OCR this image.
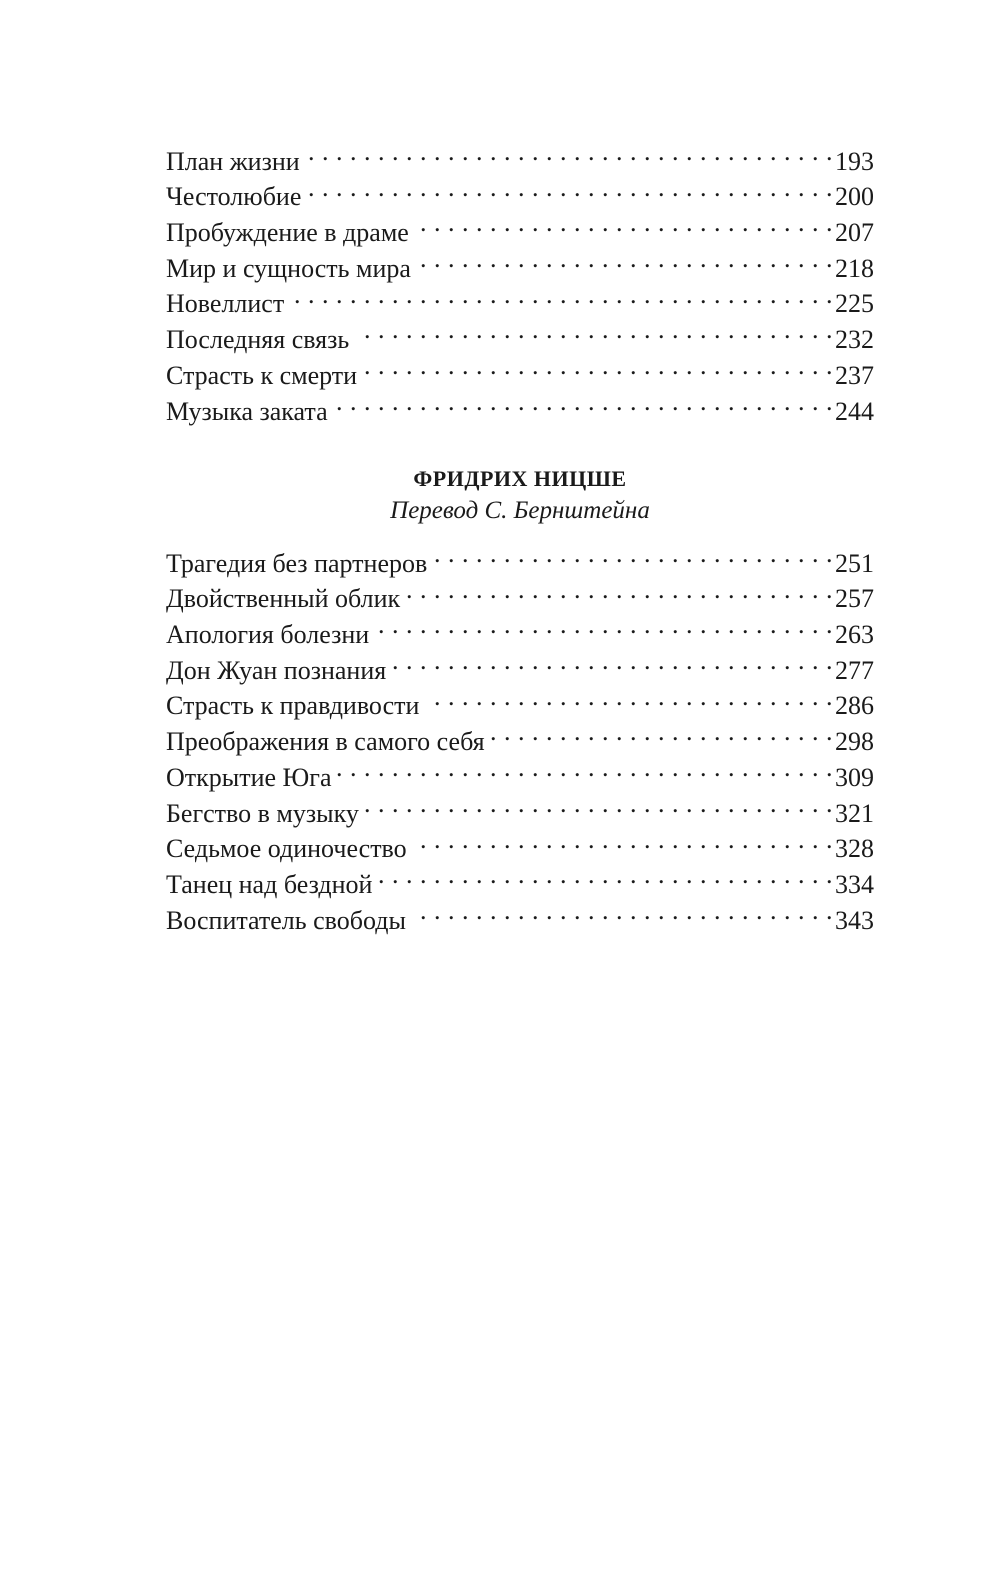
План жизни . . .	193
Честолюбие . . .	200
Пробуждение в драме . . .	207
Мир и сущность мира . . .	218
Новеллист . . .	225
Последняя связь . . .	232
Страсть к смерти . . .	237
Музыка заката . . .	244
ФРИДРИХ НИЦШЕ
Перевод С. Бернштейна
Трагедия без партнеров . . .	251
Двойственный облик . . .	257
Апология болезни . . .	263
Дон Жуан познания . . .	277
Страсть к правдивости . . .	286
Преображения в самого себя . . .	298
Открытие Юга . . .	309
Бегство в музыку . . .	321
Седьмое одиночество . . .	328
Танец над бездной . . .	334
Воспитатель свободы . . .	343
